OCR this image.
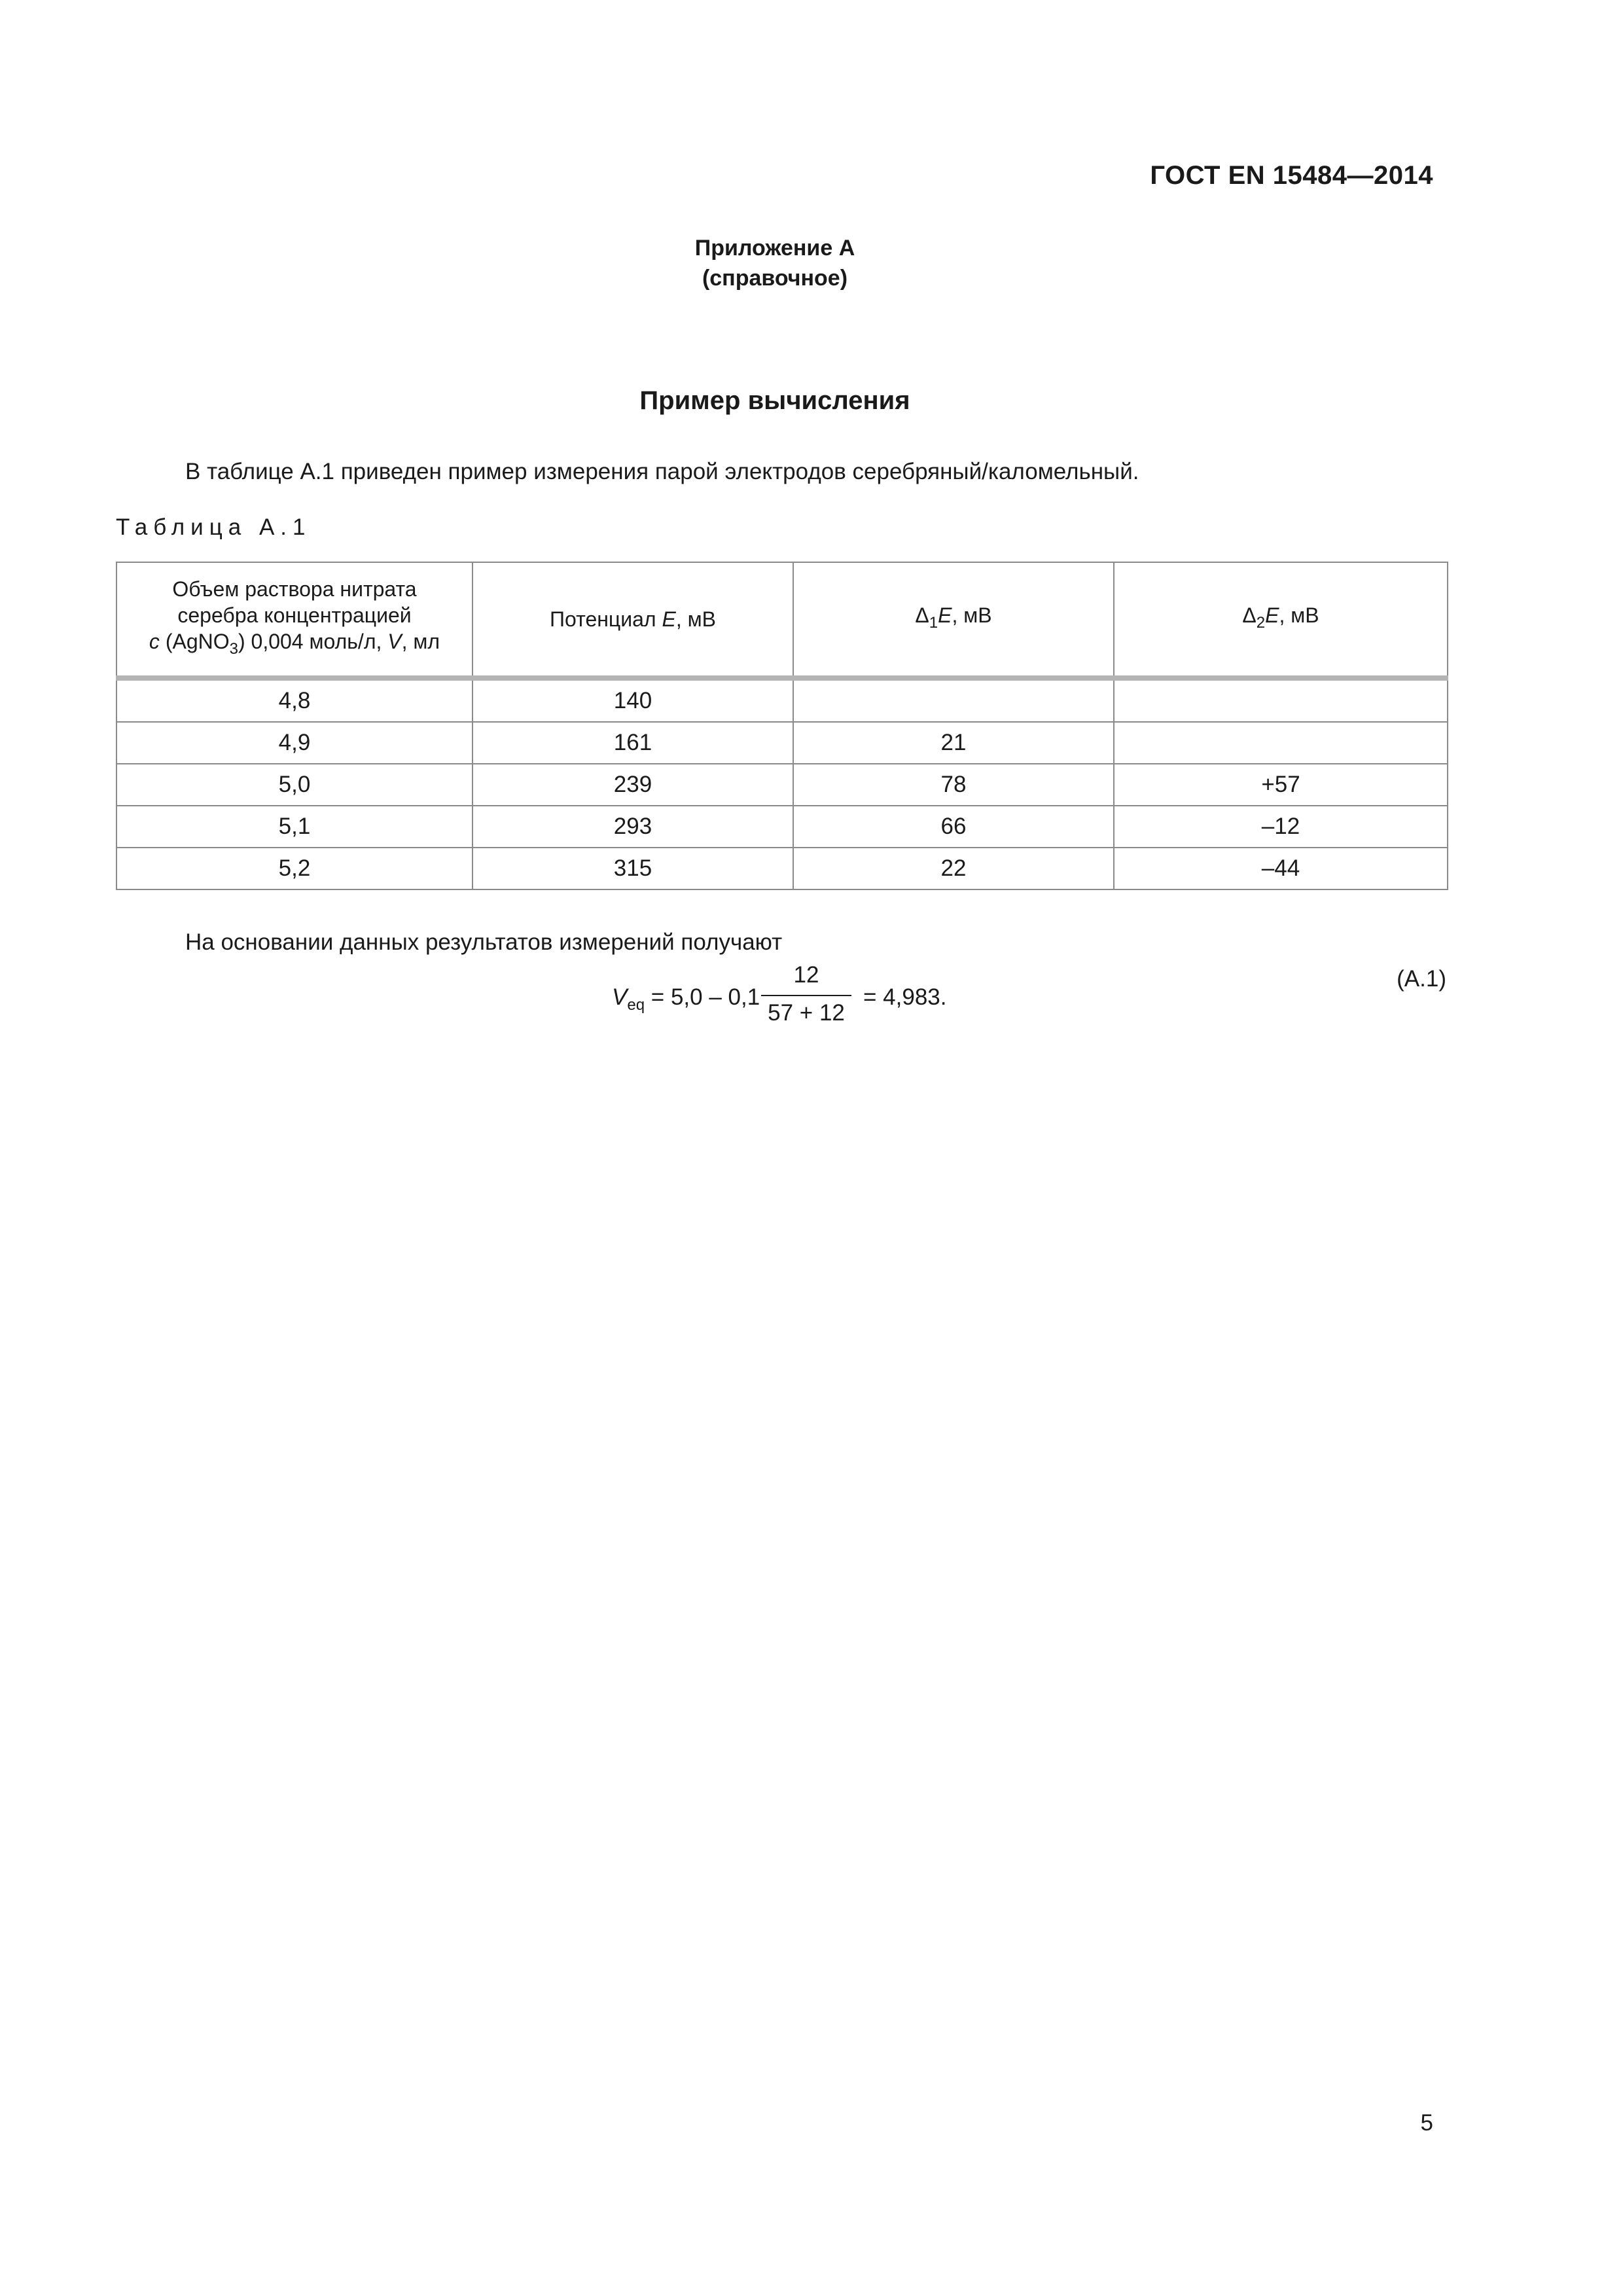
ГОСТ EN 15484—2014
Приложение А
(справочное)
Пример вычисления
В таблице А.1 приведен пример измерения парой электродов серебряный/каломельный.
Таблица А.1
Объем раствора нитрата
серебра концентрацией
c (AgNO$_3$) 0,004 моль/л, V, мл	Потенциал E, мВ	$\Delta_1E$, мВ	$\Delta_2E$, мВ
4,8	140		
4,9	161	21	
5,0	239	78	+57
5,1	293	66	–12
5,2	315	22	–44
На основании данных результатов измерений получают
$V_{eq} = 5,0 - 0,1$
12
57 + 12
= 4,983.
(A.1)
5
